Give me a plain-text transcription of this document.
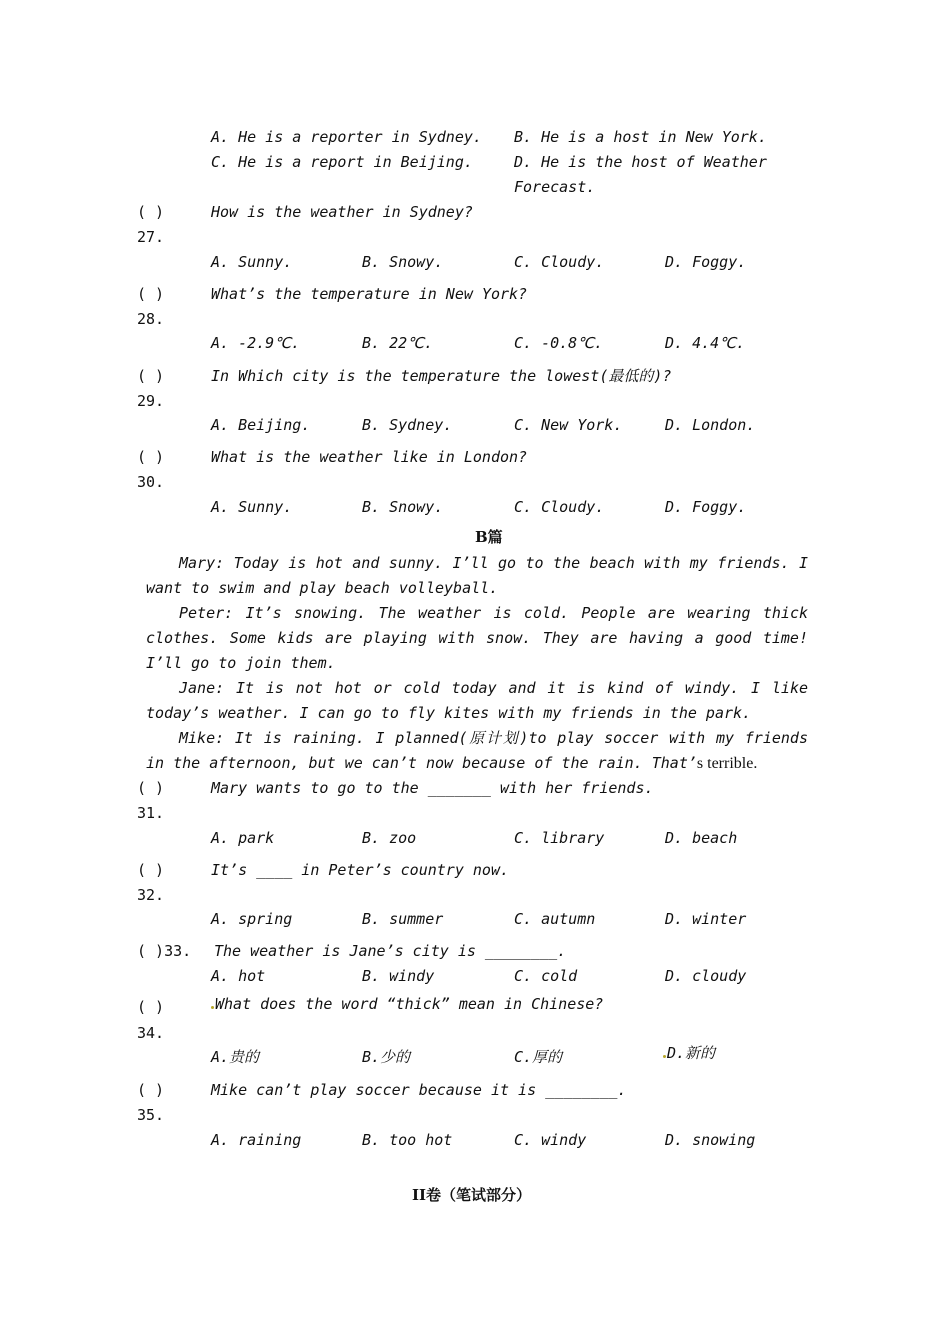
A. He is a reporter in Sydney. B. He is a host in New York.
C. He is a report in Beijing.	D. He is the host of Weather
Forecast.
( )	How is the weather in Sydney?
27.
A. Sunny.	B. Snowy.	C. Cloudy.	D. Foggy.
( )	What’s the temperature in New York?
28.
A. -2.9℃.	B. 22℃.	C. -0.8℃.	D. 4.4℃.
( )	In Which city is the temperature the lowest(最低的)?
29.
A. Beijing.	B. Sydney.	C. New York.	D. London.
( )	What is the weather like in London?
30.
A. Sunny.	B. Snowy.	C. Cloudy.	D. Foggy.
B篇

Mary: Today is hot and sunny. I’ll go to the beach with my friends. I want to swim and play beach volleyball.

Peter: It’s snowing. The weather is cold. People are wearing thick clothes. Some kids are playing with snow. They are having a good time! I’ll go to join them.

Jane: It is not hot or cold today and it is kind of windy. I like today’s weather. I can go to fly kites with my friends in the park.

Mike: It is raining. I planned(原计划)to play soccer with my friends in the afternoon, but we can’t now because of the rain. That’s terrible.

( )	Mary wants to go to the _______ with her friends.
31.
A. park	B. zoo	C. library	D. beach
( )	It’s ____ in Peter’s country now.
32.
A. spring	B. summer	C. autumn	D. winter
( )33. The weather is Jane’s city is ________.
A. hot	B. windy	C. cold	D. cloudy
( )	What does the word “thick” mean in Chinese?
34.
A.贵的	B.少的	C.厚的	D.新的
( )	Mike can’t play soccer because it is ________.
35.
A. raining	B. too hot	C. windy	D. snowing
II卷（笔试部分）
